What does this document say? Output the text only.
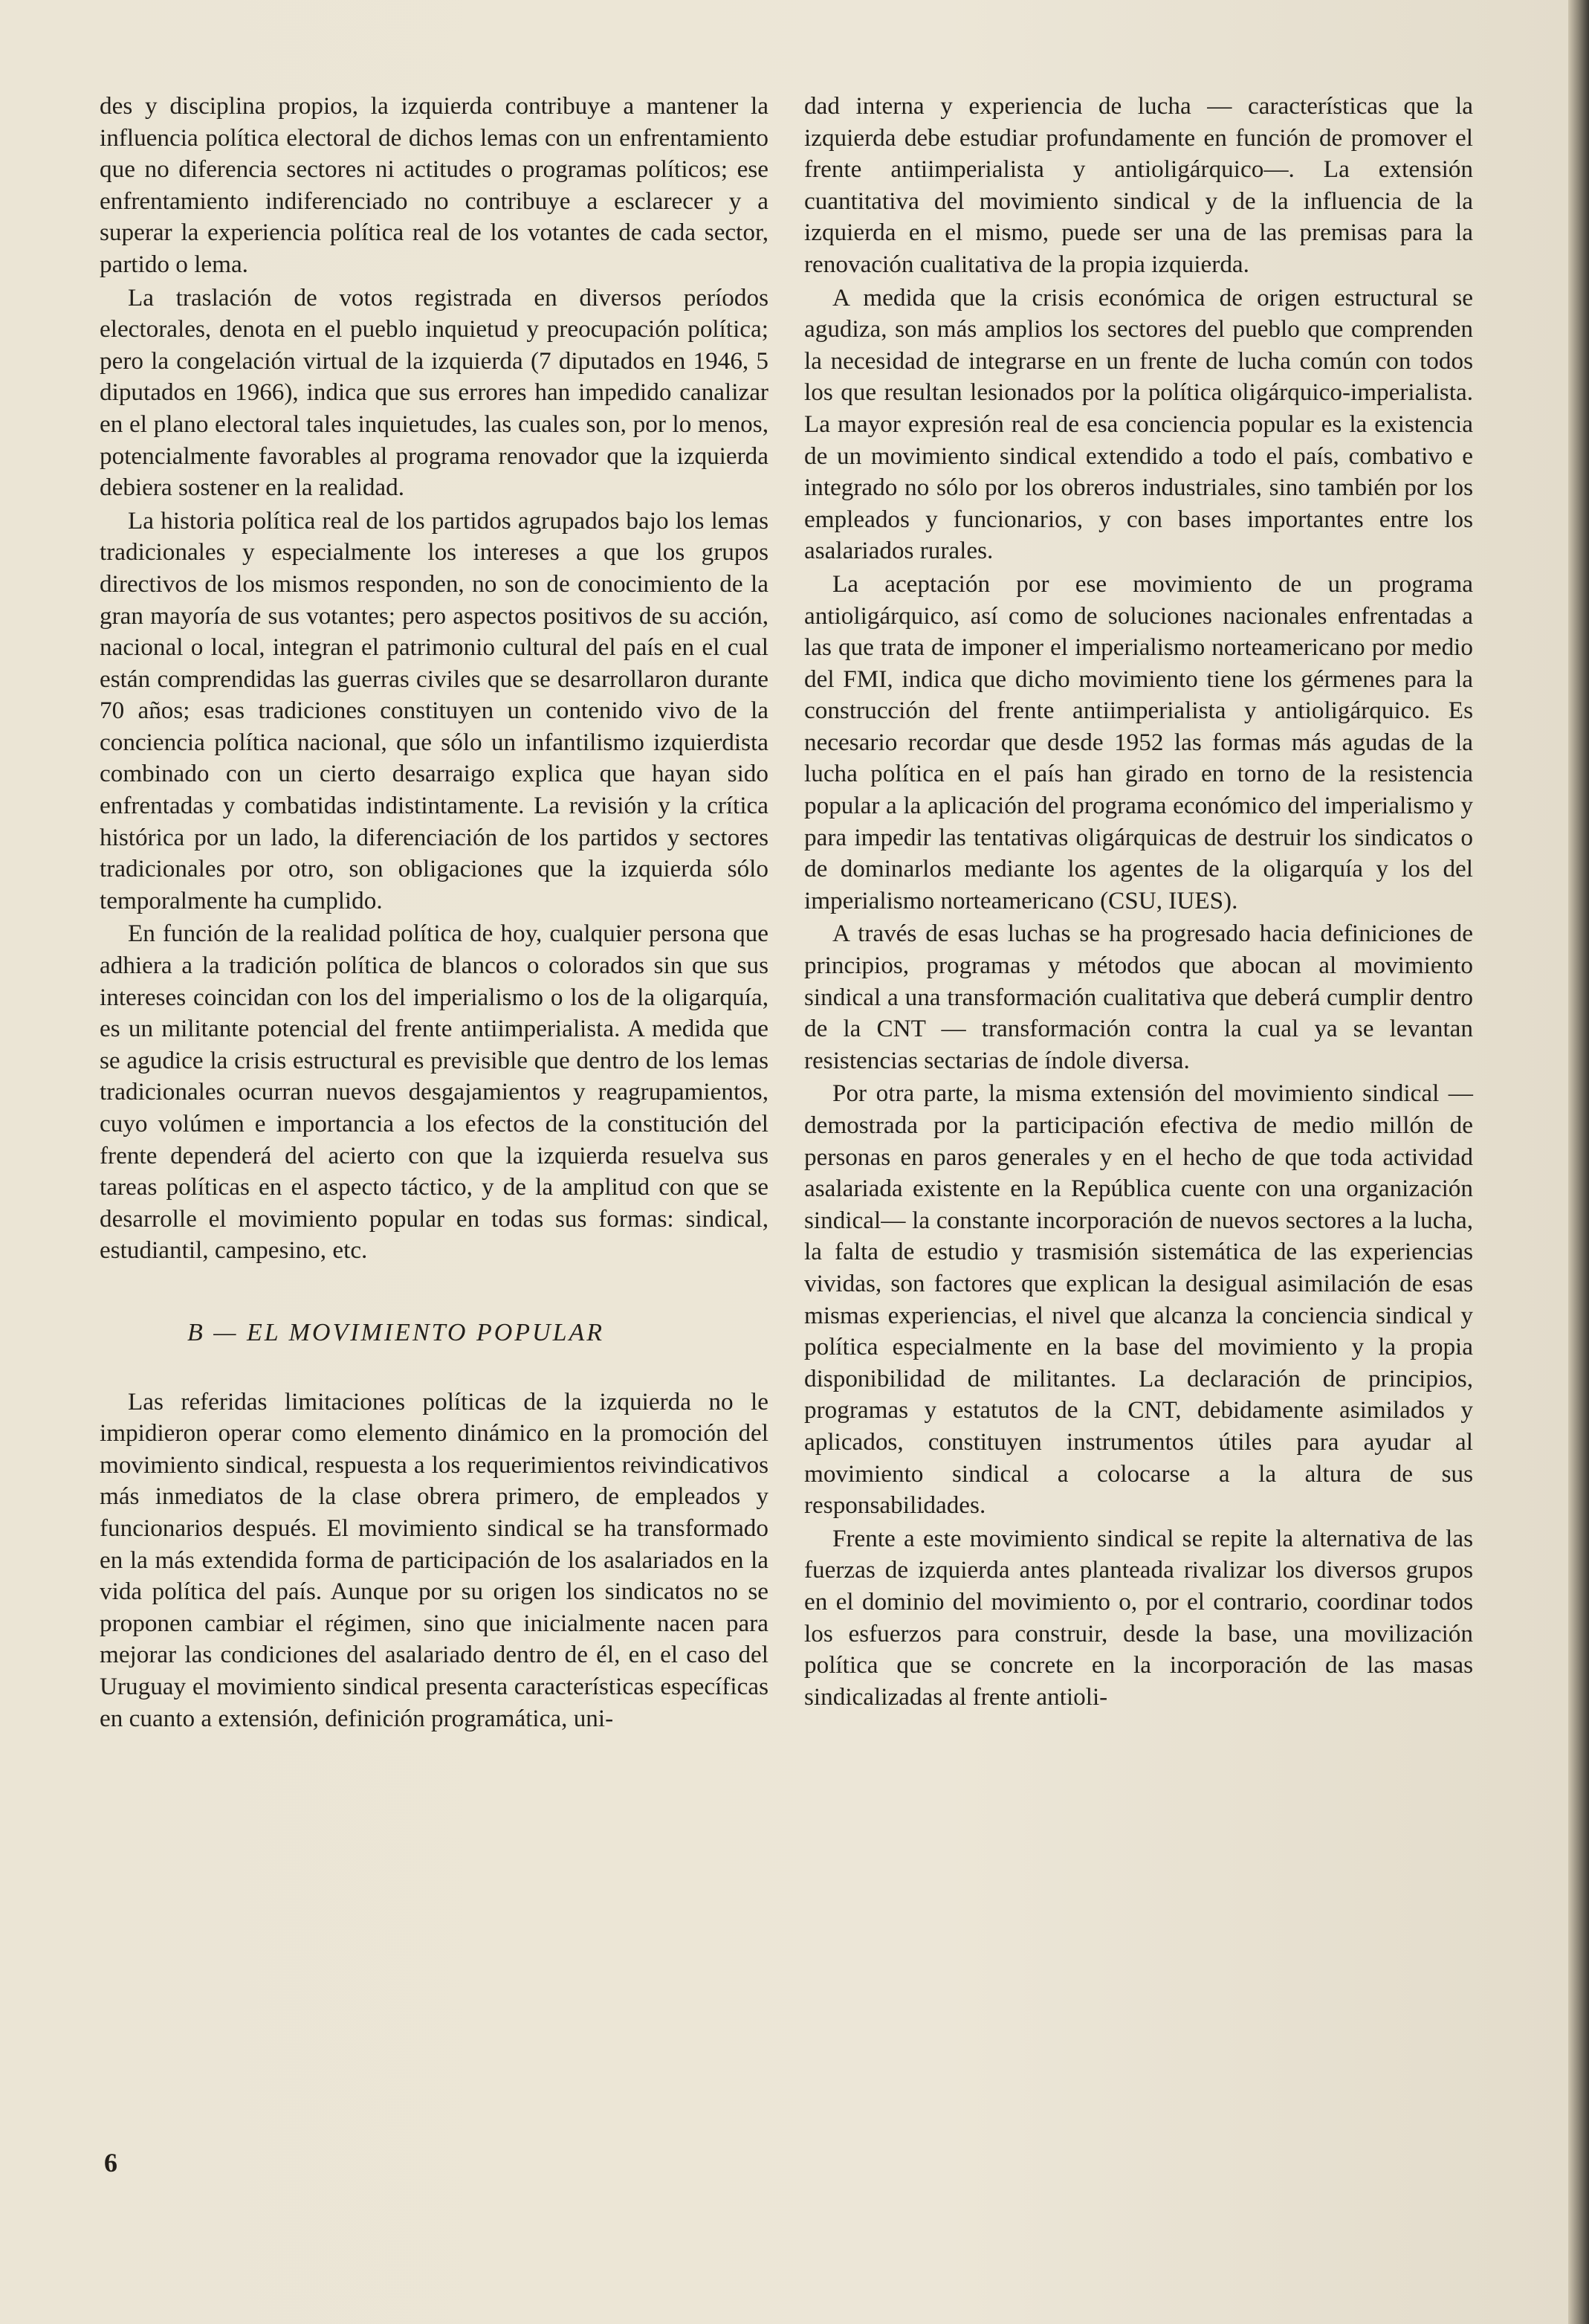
des y disciplina propios, la izquierda contribuye a mantener la influencia política electoral de dichos lemas con un enfrentamiento que no diferencia sectores ni actitudes o programas políticos; ese enfrentamiento indiferenciado no contribuye a esclarecer y a superar la experiencia política real de los votantes de cada sector, partido o lema.

La traslación de votos registrada en diversos períodos electorales, denota en el pueblo inquietud y preocupación política; pero la congelación virtual de la izquierda (7 diputados en 1946, 5 diputados en 1966), indica que sus errores han impedido canalizar en el plano electoral tales inquietudes, las cuales son, por lo menos, potencialmente favorables al programa renovador que la izquierda debiera sostener en la realidad.

La historia política real de los partidos agrupados bajo los lemas tradicionales y especialmente los intereses a que los grupos directivos de los mismos responden, no son de conocimiento de la gran mayoría de sus votantes; pero aspectos positivos de su acción, nacional o local, integran el patrimonio cultural del país en el cual están comprendidas las guerras civiles que se desarrollaron durante 70 años; esas tradiciones constituyen un contenido vivo de la conciencia política nacional, que sólo un infantilismo izquierdista combinado con un cierto desarraigo explica que hayan sido enfrentadas y combatidas indistintamente. La revisión y la crítica histórica por un lado, la diferenciación de los partidos y sectores tradicionales por otro, son obligaciones que la izquierda sólo temporalmente ha cumplido.

En función de la realidad política de hoy, cualquier persona que adhiera a la tradición política de blancos o colorados sin que sus intereses coincidan con los del imperialismo o los de la oligarquía, es un militante potencial del frente antiimperialista. A medida que se agudice la crisis estructural es previsible que dentro de los lemas tradicionales ocurran nuevos desgajamientos y reagrupamientos, cuyo volúmen e importancia a los efectos de la constitución del frente dependerá del acierto con que la izquierda resuelva sus tareas políticas en el aspecto táctico, y de la amplitud con que se desarrolle el movimiento popular en todas sus formas: sindical, estudiantil, campesino, etc.

B — EL MOVIMIENTO POPULAR

Las referidas limitaciones políticas de la izquierda no le impidieron operar como elemento dinámico en la promoción del movimiento sindical, respuesta a los requerimientos reivindicativos más inmediatos de la clase obrera primero, de empleados y funcionarios después. El movimiento sindical se ha transformado en la más extendida forma de participación de los asalariados en la vida política del país. Aunque por su origen los sindicatos no se proponen cambiar el régimen, sino que inicialmente nacen para mejorar las condiciones del asalariado dentro de él, en el caso del Uruguay el movimiento sindical presenta características específicas en cuanto a extensión, definición programática, uni-

dad interna y experiencia de lucha — características que la izquierda debe estudiar profundamente en función de promover el frente antiimperialista y antioligárquico—. La extensión cuantitativa del movimiento sindical y de la influencia de la izquierda en el mismo, puede ser una de las premisas para la renovación cualitativa de la propia izquierda.

A medida que la crisis económica de origen estructural se agudiza, son más amplios los sectores del pueblo que comprenden la necesidad de integrarse en un frente de lucha común con todos los que resultan lesionados por la política oligárquico-imperialista. La mayor expresión real de esa conciencia popular es la existencia de un movimiento sindical extendido a todo el país, combativo e integrado no sólo por los obreros industriales, sino también por los empleados y funcionarios, y con bases importantes entre los asalariados rurales.

La aceptación por ese movimiento de un programa antioligárquico, así como de soluciones nacionales enfrentadas a las que trata de imponer el imperialismo norteamericano por medio del FMI, indica que dicho movimiento tiene los gérmenes para la construcción del frente antiimperialista y antioligárquico. Es necesario recordar que desde 1952 las formas más agudas de la lucha política en el país han girado en torno de la resistencia popular a la aplicación del programa económico del imperialismo y para impedir las tentativas oligárquicas de destruir los sindicatos o de dominarlos mediante los agentes de la oligarquía y los del imperialismo norteamericano (CSU, IUES).

A través de esas luchas se ha progresado hacia definiciones de principios, programas y métodos que abocan al movimiento sindical a una transformación cualitativa que deberá cumplir dentro de la CNT — transformación contra la cual ya se levantan resistencias sectarias de índole diversa.

Por otra parte, la misma extensión del movimiento sindical —demostrada por la participación efectiva de medio millón de personas en paros generales y en el hecho de que toda actividad asalariada existente en la República cuente con una organización sindical— la constante incorporación de nuevos sectores a la lucha, la falta de estudio y trasmisión sistemática de las experiencias vividas, son factores que explican la desigual asimilación de esas mismas experiencias, el nivel que alcanza la conciencia sindical y política especialmente en la base del movimiento y la propia disponibilidad de militantes. La declaración de principios, programas y estatutos de la CNT, debidamente asimilados y aplicados, constituyen instrumentos útiles para ayudar al movimiento sindical a colocarse a la altura de sus responsabilidades.

Frente a este movimiento sindical se repite la alternativa de las fuerzas de izquierda antes planteada rivalizar los diversos grupos en el dominio del movimiento o, por el contrario, coordinar todos los esfuerzos para construir, desde la base, una movilización política que se concrete en la incorporación de las masas sindicalizadas al frente antioli-

6
